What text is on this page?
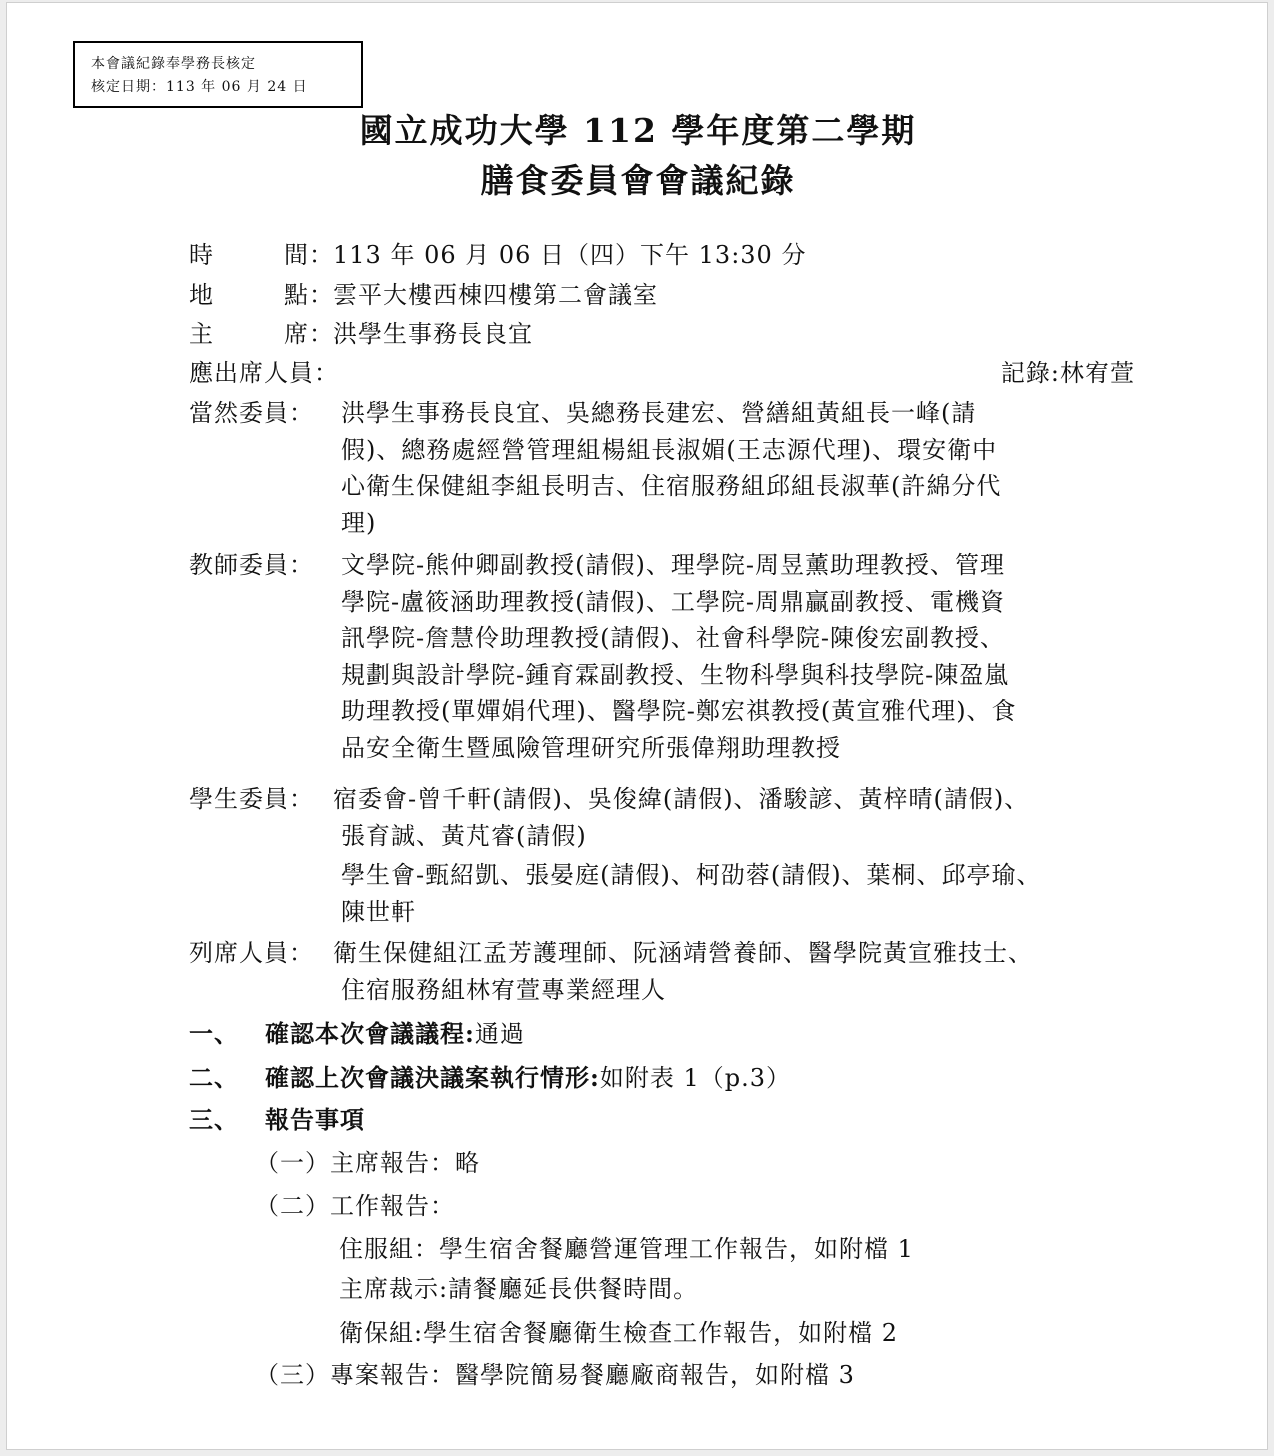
本會議紀錄奉學務長核定
核定日期：113 年 06 月 24 日
國立成功大學 112 學年度第二學期
膳食委員會會議紀錄
時　　間：113 年 06 月 06 日（四）下午 13:30 分
地　　點：雲平大樓西棟四樓第二會議室
主　　席：洪學生事務長良宜
應出席人員：	記錄:林宥萱
當然委員： 洪學生事務長良宜、吳總務長建宏、營繕組黃組長一峰(請
假)、總務處經營管理組楊組長淑媚(王志源代理)、環安衛中
心衛生保健組李組長明吉、住宿服務組邱組長淑華(許綿分代
理)
教師委員： 文學院-熊仲卿副教授(請假)、理學院-周昱薰助理教授、管理
學院-盧筱涵助理教授(請假)、工學院-周鼎贏副教授、電機資
訊學院-詹慧伶助理教授(請假)、社會科學院-陳俊宏副教授、
規劃與設計學院-鍾育霖副教授、生物科學與科技學院-陳盈嵐
助理教授(單嬋娟代理)、醫學院-鄭宏祺教授(黃宣雅代理)、食
品安全衛生暨風險管理研究所張偉翔助理教授
學生委員： 宿委會-曾千軒(請假)、吳俊緯(請假)、潘駿諺、黃梓晴(請假)、
張育誠、黃芃睿(請假)
學生會-甄紹凱、張晏庭(請假)、柯劭蓉(請假)、葉桐、邱亭瑜、
陳世軒
列席人員： 衛生保健組江孟芳護理師、阮涵靖營養師、醫學院黃宣雅技士、
住宿服務組林宥萱專業經理人
一、 確認本次會議議程:通過
二、 確認上次會議決議案執行情形:如附表 1（p.3）
三、 報告事項
（一）主席報告：略
（二）工作報告：
住服組：學生宿舍餐廳營運管理工作報告，如附檔 1
主席裁示:請餐廳延長供餐時間。
衛保組:學生宿舍餐廳衛生檢查工作報告，如附檔 2
（三）專案報告：醫學院簡易餐廳廠商報告，如附檔 3
